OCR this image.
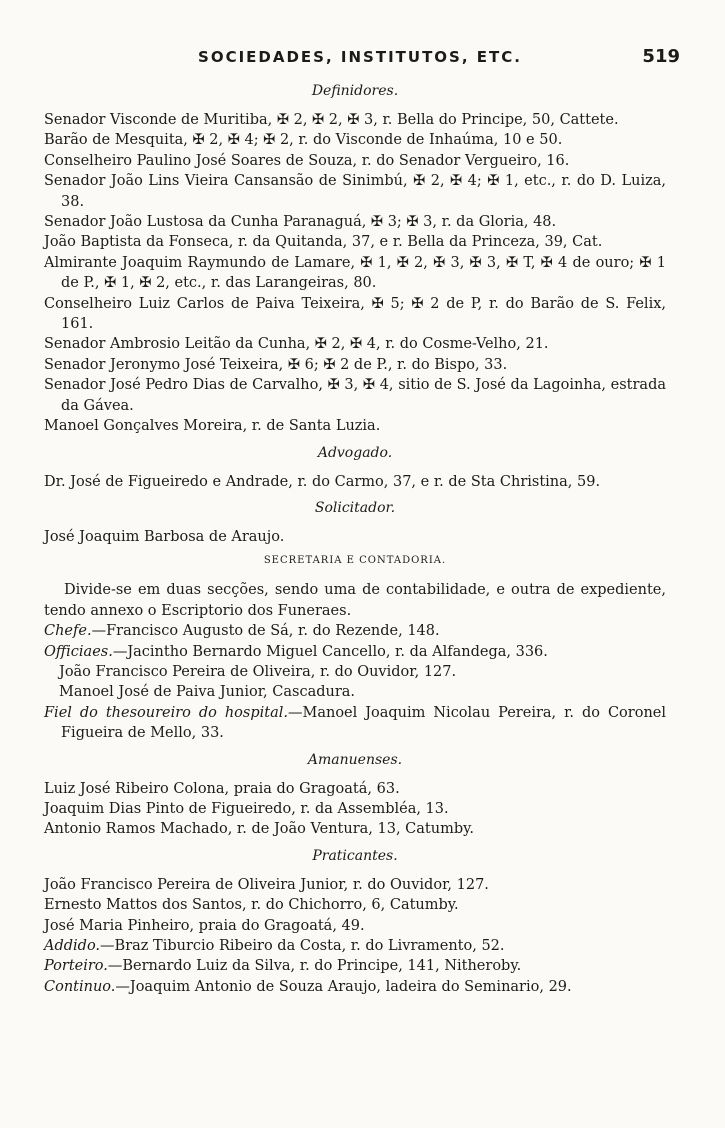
SOCIEDADES, INSTITUTOS, ETC.	519
Definidores.
Senador Visconde de Muritiba, ✠ 2, ✠ 2, ✠ 3, r. Bella do Principe, 50, Cattete.
Barão de Mesquita, ✠ 2, ✠ 4; ✠ 2, r. do Visconde de Inhaúma, 10 e 50.
Conselheiro Paulino José Soares de Souza, r. do Senador Vergueiro, 16.
Senador João Lins Vieira Cansansão de Sinimbú, ✠ 2, ✠ 4; ✠ 1, etc., r. do D. Luiza, 38.
Senador João Lustosa da Cunha Paranaguá, ✠ 3; ✠ 3, r. da Gloria, 48.
João Baptista da Fonseca, r. da Quitanda, 37, e r. Bella da Princeza, 39, Cat.
Almirante Joaquim Raymundo de Lamare, ✠ 1, ✠ 2, ✠ 3, ✠ 3, ✠ T, ✠ 4 de ouro; ✠ 1 de P., ✠ 1, ✠ 2, etc., r. das Larangeiras, 80.
Conselheiro Luiz Carlos de Paiva Teixeira, ✠ 5; ✠ 2 de P, r. do Barão de S. Felix, 161.
Senador Ambrosio Leitão da Cunha, ✠ 2, ✠ 4, r. do Cosme-Velho, 21.
Senador Jeronymo José Teixeira, ✠ 6; ✠ 2 de P., r. do Bispo, 33.
Senador José Pedro Dias de Carvalho, ✠ 3, ✠ 4, sitio de S. José da Lagoinha, estrada da Gávea.
Manoel Gonçalves Moreira, r. de Santa Luzia.
Advogado.
Dr. José de Figueiredo e Andrade, r. do Carmo, 37, e r. de Sta Christina, 59.
Solicitador.
José Joaquim Barbosa de Araujo.
SECRETARIA E CONTADORIA.
Divide-se em duas secções, sendo uma de contabilidade, e outra de expediente, tendo annexo o Escriptorio dos Funeraes.
Chefe.—Francisco Augusto de Sá, r. do Rezende, 148.
Officiaes.—Jacintho Bernardo Miguel Cancello, r. da Alfandega, 336.
João Francisco Pereira de Oliveira, r. do Ouvidor, 127.
Manoel José de Paiva Junior, Cascadura.
Fiel do thesoureiro do hospital.—Manoel Joaquim Nicolau Pereira, r. do Coronel Figueira de Mello, 33.
Amanuenses.
Luiz José Ribeiro Colona, praia do Gragoatá, 63.
Joaquim Dias Pinto de Figueiredo, r. da Assembléa, 13.
Antonio Ramos Machado, r. de João Ventura, 13, Catumby.
Praticantes.
João Francisco Pereira de Oliveira Junior, r. do Ouvidor, 127.
Ernesto Mattos dos Santos, r. do Chichorro, 6, Catumby.
José Maria Pinheiro, praia do Gragoatá, 49.
Addido.—Braz Tiburcio Ribeiro da Costa, r. do Livramento, 52.
Porteiro.—Bernardo Luiz da Silva, r. do Principe, 141, Nitheroby.
Continuo.—Joaquim Antonio de Souza Araujo, ladeira do Seminario, 29.
